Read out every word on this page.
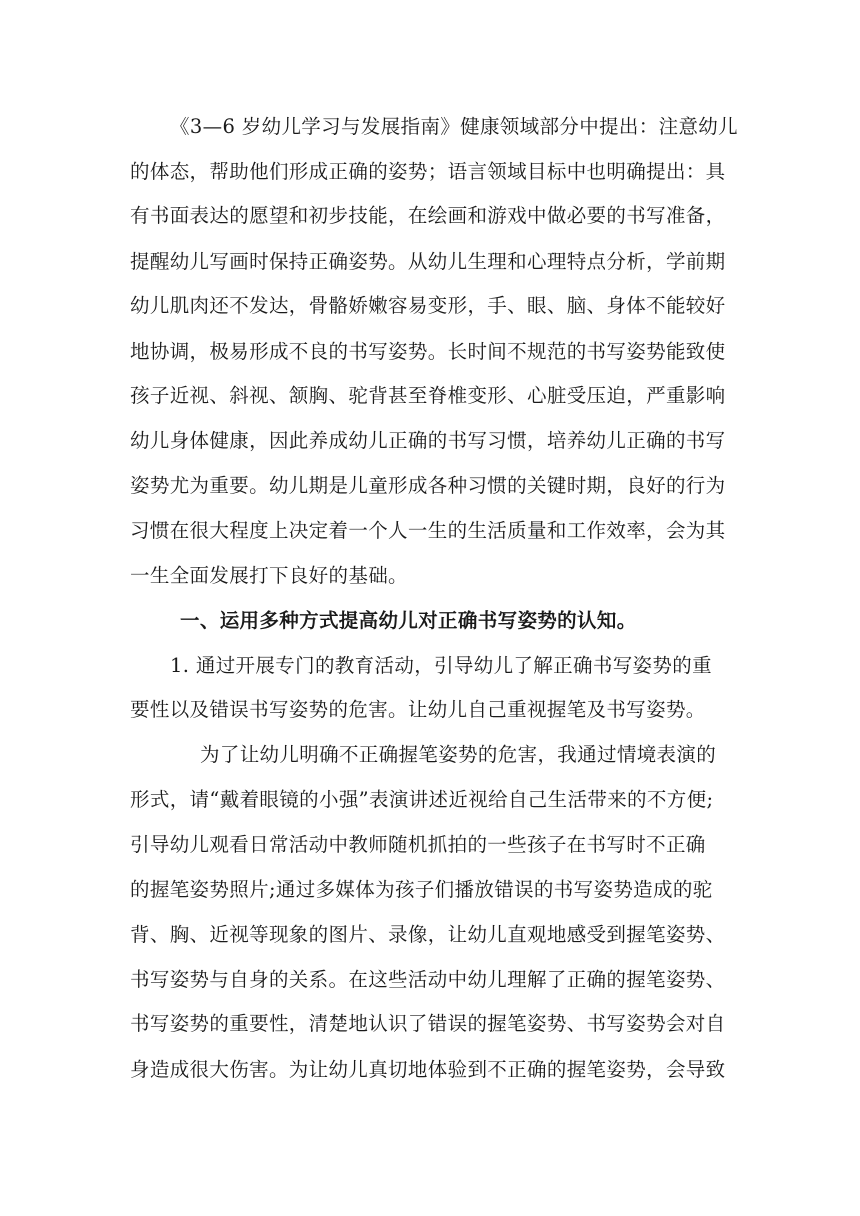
《3—6 岁幼儿学习与发展指南》健康领域部分中提出：注意幼儿
的体态，帮助他们形成正确的姿势；语言领域目标中也明确提出：具
有书面表达的愿望和初步技能，在绘画和游戏中做必要的书写准备，
提醒幼儿写画时保持正确姿势。从幼儿生理和心理特点分析，学前期
幼儿肌肉还不发达，骨骼娇嫩容易变形，手、眼、脑、身体不能较好
地协调，极易形成不良的书写姿势。长时间不规范的书写姿势能致使
孩子近视、斜视、颔胸、驼背甚至脊椎变形、心脏受压迫，严重影响
幼儿身体健康，因此养成幼儿正确的书写习惯，培养幼儿正确的书写
姿势尤为重要。幼儿期是儿童形成各种习惯的关键时期，良好的行为
习惯在很大程度上决定着一个人一生的生活质量和工作效率，会为其
一生全面发展打下良好的基础。
一、运用多种方式提高幼儿对正确书写姿势的认知。
1. 通过开展专门的教育活动，引导幼儿了解正确书写姿势的重
要性以及错误书写姿势的危害。让幼儿自己重视握笔及书写姿势。
为了让幼儿明确不正确握笔姿势的危害，我通过情境表演的
形式，请“戴着眼镜的小强”表演讲述近视给自己生活带来的不方便;
引导幼儿观看日常活动中教师随机抓拍的一些孩子在书写时不正确
的握笔姿势照片;通过多媒体为孩子们播放错误的书写姿势造成的驼
背、胸、近视等现象的图片、录像，让幼儿直观地感受到握笔姿势、
书写姿势与自身的关系。在这些活动中幼儿理解了正确的握笔姿势、
书写姿势的重要性，清楚地认识了错误的握笔姿势、书写姿势会对自
身造成很大伤害。为让幼儿真切地体验到不正确的握笔姿势，会导致
